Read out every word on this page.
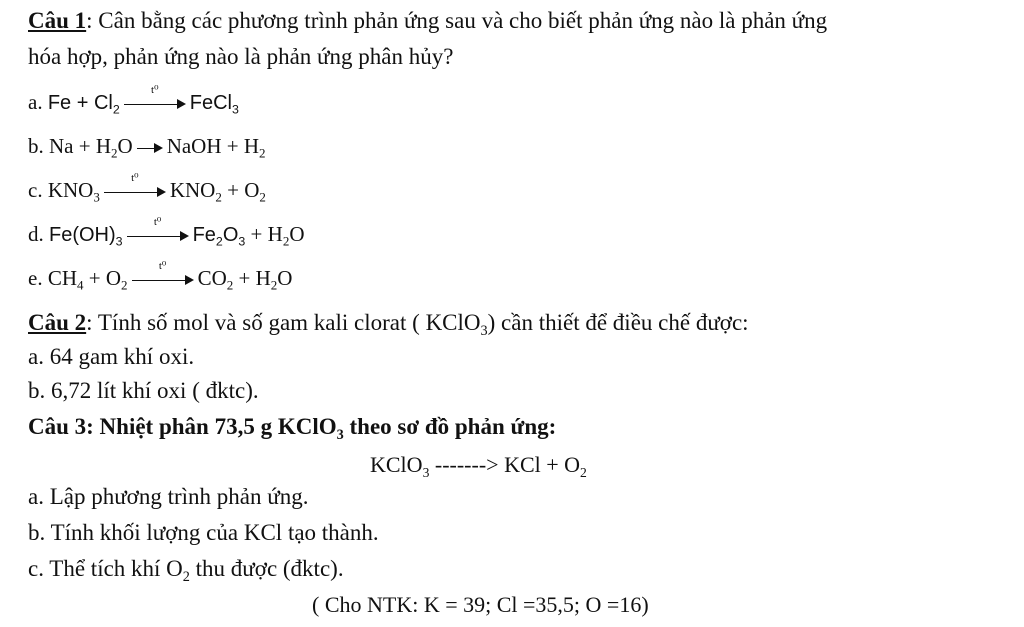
Câu 1: Cân bằng các phương trình phản ứng sau và cho biết phản ứng nào là phản ứng
hóa hợp, phản ứng nào là phản ứng phân hủy?
a. $Fe + Cl_2$
t⁰
FeCl$_3$
b. $Na + H_2O$ NaOH + $H_2$
c. $KNO_3$
t⁰	$KNO_2 + O_2$
d. $Fe(OH)_3$
t⁰
$Fe_2O_3 + H_2O$
e. $CH_4 + O_2$
t⁰	$CO_2 + H_2O$
Câu 2: Tính số mol và số gam kali clorat ( KClO$_3$) cần thiết để điều chế được:
a. 64 gam khí oxi.
b. 6,72 lít khí oxi ( đktc).
Câu 3: Nhiệt phân 73,5 g KClO$_3$ theo sơ đồ phản ứng:
KClO$_3$ -------> KCl + $O_2$
a. Lập phương trình phản ứng.
b. Tính khối lượng của KCl tạo thành.
c. Thể tích khí $O_2$ thu được (đktc).
( Cho NTK: K = 39; Cl =35,5; O =16)
